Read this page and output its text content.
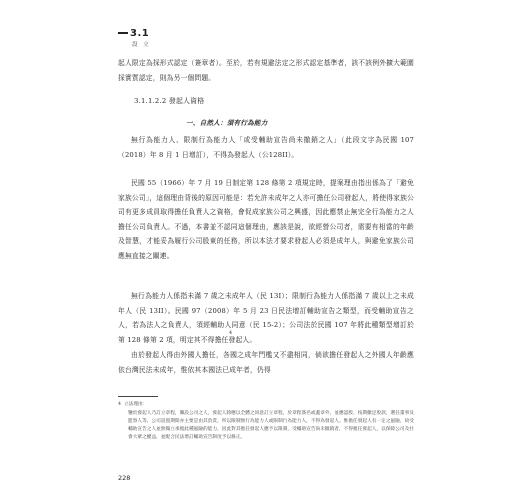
3.1
設 立
起人限定為採形式認定（簽章者）。至於，若有規避法定之形式認定基準者，該不該例外擴大範圍採實質認定，則為另一個問題。
3.1.1.2.2 發起人資格
一、自然人：須有行為能力
無行為能力人、限制行為能力人「或受輔助宣告尚未撤銷之人」（此段文字為民國 107（2018）年 8 月 1 日增訂），不得為發起人（公128II）。
民國 55（1966）年 7 月 19 日制定第 128 條第 2 項規定時，提案理由指出係為了「避免家族公司」，這個理由背後的原因可能是：若允許未成年之人亦可擔任公司發起人，將使得家族公司有更多成員取得擔任負責人之資格，會促成家族公司之興盛，因此應禁止無完全行為能力之人擔任公司負責人。不過，本書並不認同這個理由，應該是說，欲經營公司者，需要有相當的年齡及智慧，才能妥為履行公司股東的任務，所以本法才要求發起人必須是成年人，與避免家族公司應無直接之關連。
無行為能力人係指未滿 7 歲之未成年人（民 13I）；限制行為能力人係指滿 7 歲以上之未成年人（民 13II）。民國 97（2008）年 5 月 23 日民法增訂輔助宣告之類型，而受輔助宣告之人，若為法人之負責人，須經輔助人同意（民 15-2）；公司法於民國 107 年將此種類型增訂於第 128 條第 2 項，明定其不得擔任發起人。
4
由於發起人得由外國人擔任，各國之成年門檻又不盡相同，倘欲擔任發起人之外國人年齡應依台灣民法未成年，惟依其本國法已成年者，仍得
4 立法理由：
鑒於發起人乃訂立章程，籌設公司之人，發起人除應以全體之同意訂立章程，於章程簽名或蓋章外，並應認股、按期繳足股款，選任董事及監察人等，公司設置期間亦主要是由其負責，所以限制無行為能力人或限制行為能力人，不得為發起人。惟擔任發起人有一定之風險，故受輔助宣告之人並無獨立承擔此種風險的能力，因此對其擔任發起人應予以限制，受輔助宣告尚未撤銷者，不得擔任發起人，以保障公司及社會大眾之權益，並配合民法增訂輔助宣告制度予以修正。
228
